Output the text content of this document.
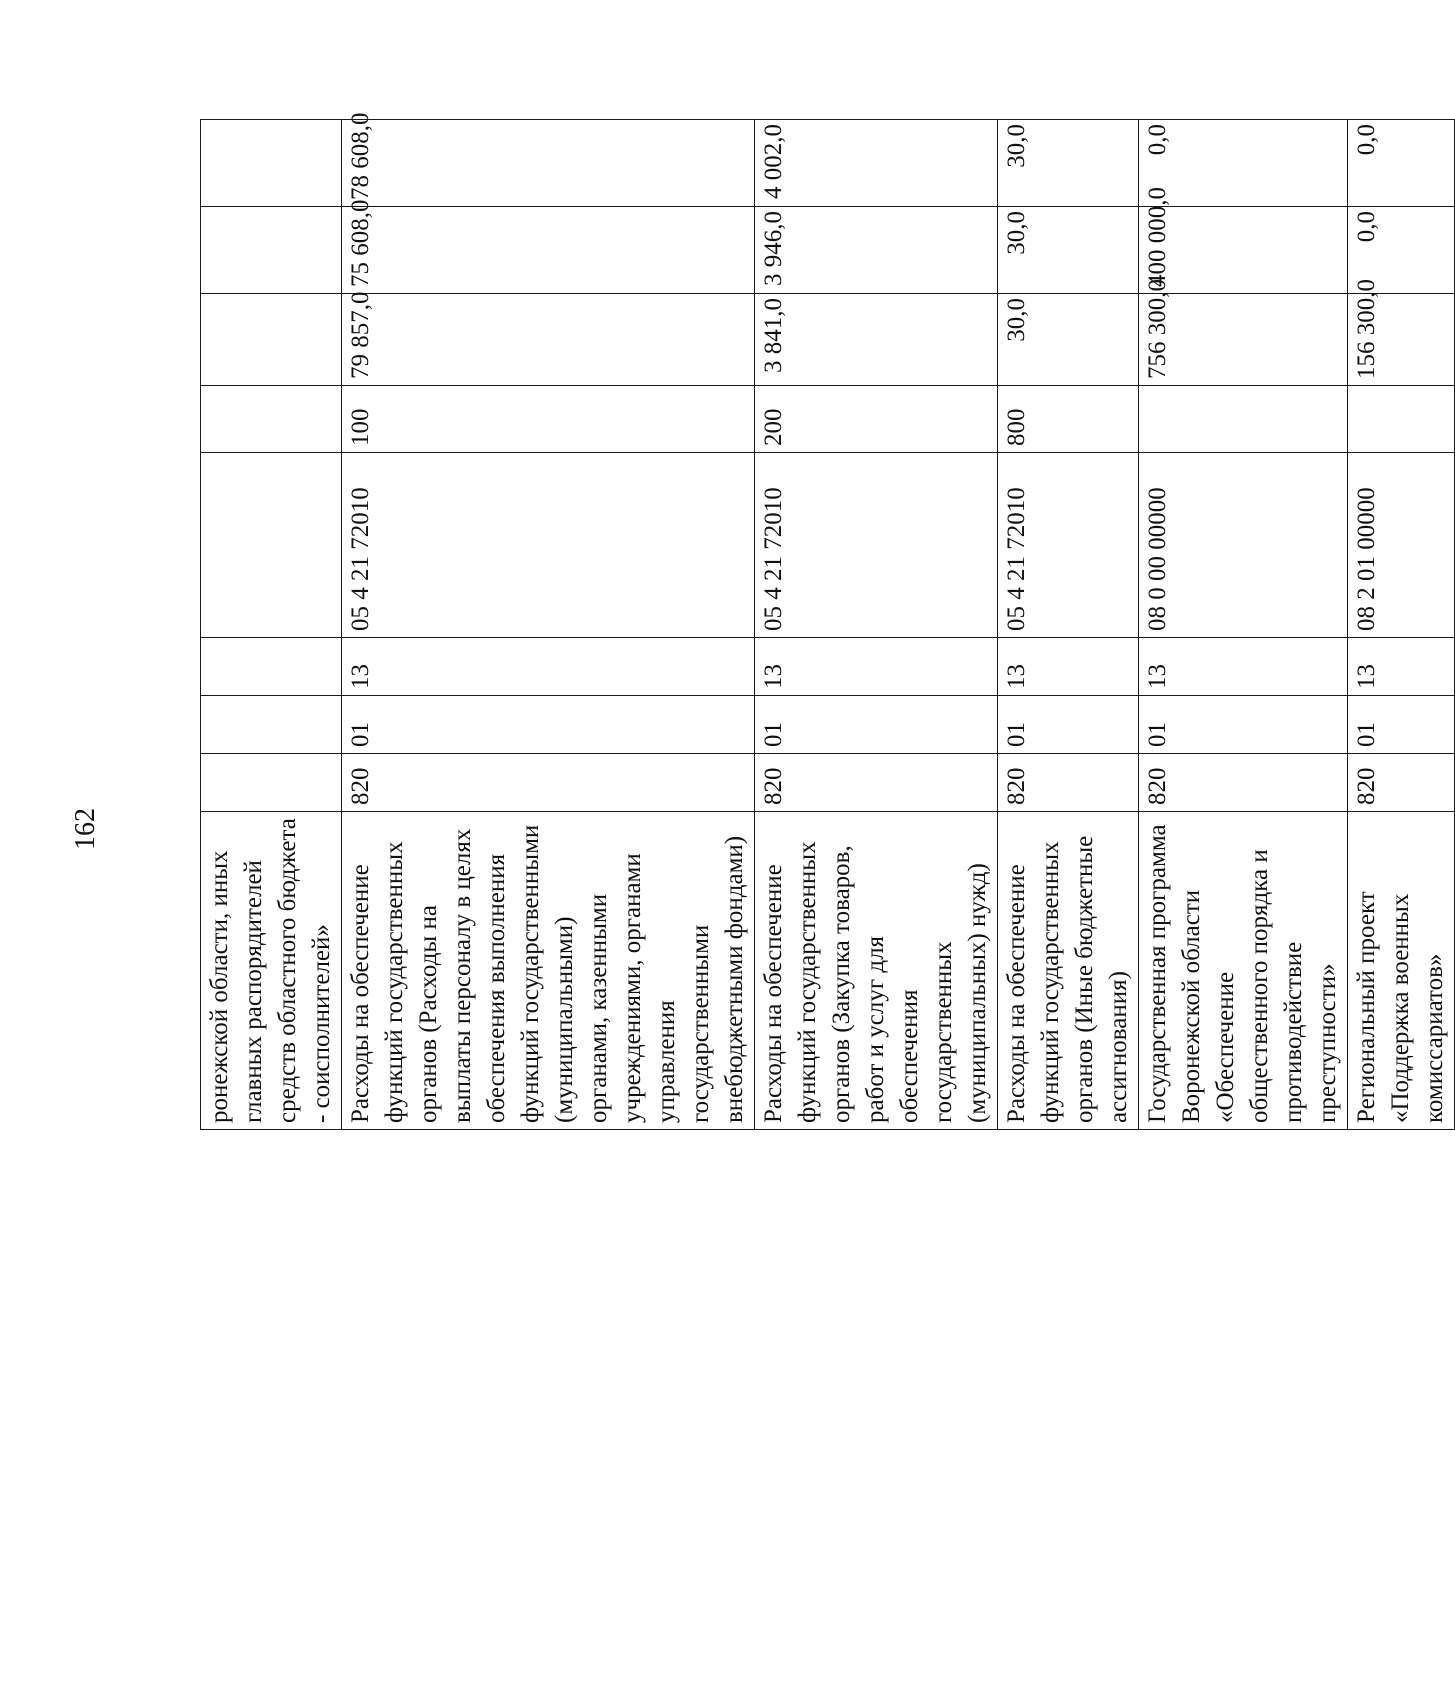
162
ронежской области, иных главных распорядителей средств областного бюджета - соисполнителей»								
Расходы на обеспечение функций государственных органов (Расходы на выплаты персоналу в целях обеспечения выполнения функций государственными (муниципальными) органами, казенными учреждениями, органами управления государственными внебюджетными фондами)	820	01	13	05 4 21 72010	100	79 857,0	75 608,0	78 608,0
Расходы на обеспечение функций государственных органов (Закупка товаров, работ и услуг для обеспечения государственных (муниципальных) нужд)	820	01	13	05 4 21 72010	200	3 841,0	3 946,0	4 002,0
Расходы на обеспечение функций государственных органов (Иные бюджетные ассигнования)	820	01	13	05 4 21 72010	800	30,0	30,0	30,0
Государственная программа Воронежской области «Обеспечение общественного порядка и противодействие преступности»	820	01	13	08 0 00 00000		756 300,0	400 000,0	0,0
Региональный проект «Поддержка военных комиссариатов»	820	01	13	08 2 01 00000		156 300,0	0,0	0,0
